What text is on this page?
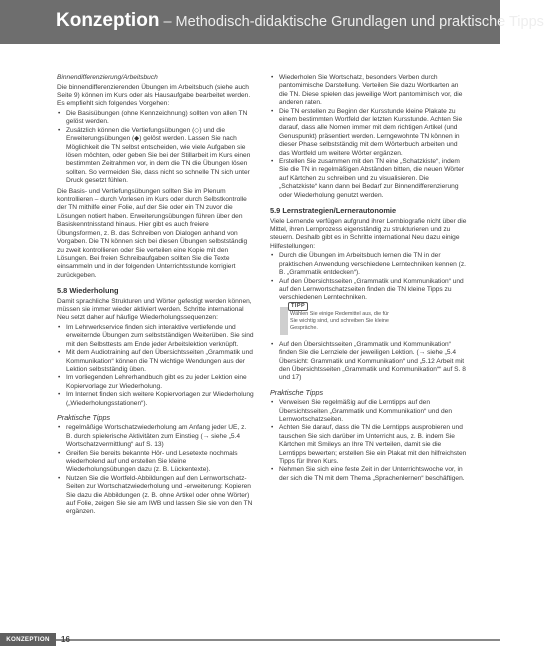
Konzeption – Methodisch-didaktische Grundlagen und praktische Tipps
Binnendifferenzierung/Arbeitsbuch
Die binnendifferenzierenden Übungen im Arbeitsbuch (siehe auch Seite 9) können im Kurs oder als Hausaufgabe bearbeitet werden. Es empfiehlt sich folgendes Vorgehen:
• Die Basisübungen (ohne Kennzeichnung) sollten von allen TN gelöst werden.
• Zusätzlich können die Vertiefungsübungen (◇) und die Erweiterungsübungen (◆) gelöst werden. Lassen Sie nach Möglichkeit die TN selbst entscheiden, wie viele Aufgaben sie lösen möchten, oder geben Sie bei der Stillarbeit im Kurs einen bestimmten Zeitrahmen vor, in dem die TN die Übungen lösen sollten. So vermeiden Sie, dass nicht so schnelle TN sich unter Druck gesetzt fühlen.
Die Basis- und Vertiefungsübungen sollten Sie im Plenum kontrollieren – durch Vorlesen im Kurs oder durch Selbstkontrolle der TN mithilfe einer Folie, auf der Sie oder ein TN zuvor die Lösungen notiert haben. Erweiterungsübungen führen über den Basiskenntnisstand hinaus. Hier gibt es auch freiere Übungsformen, z. B. das Schreiben von Dialogen anhand von Vorgaben. Die TN können sich bei diesen Übungen selbstständig zu zweit kontrollieren oder Sie verteilen eine Kopie mit den Lösungen. Bei freien Schreibaufgaben sollten Sie die Texte einsammeln und in der folgenden Unterrichtsstunde korrigiert zurückgeben.
5.8 Wiederholung
Damit sprachliche Strukturen und Wörter gefestigt werden können, müssen sie immer wieder aktiviert werden. Schritte international Neu setzt daher auf häufige Wiederholungssequenzen:
• Im Lehrwerkservice finden sich interaktive vertiefende und erweiternde Übungen zum selbstständigen Weiterüben. Sie sind mit den Selbsttests am Ende jeder Arbeitslektion verknüpft.
• Mit dem Audiotraining auf den Übersichtsseiten „Grammatik und Kommunikation“ können die TN wichtige Wendungen aus der Lektion selbstständig üben.
• Im vorliegenden Lehrerhandbuch gibt es zu jeder Lektion eine Kopiervorlage zur Wiederholung.
• Im Internet finden sich weitere Kopiervorlagen zur Wiederholung („Wiederholungsstationen“).
Praktische Tipps
• regelmäßige Wortschatzwiederholung am Anfang jeder UE, z. B. durch spielerische Aktivitäten zum Einstieg (→ siehe „5.4 Wortschatzvermittlung“ auf S. 13)
• Greifen Sie bereits bekannte Hör- und Lesetexte nochmals wiederholend auf und erstellen Sie kleine Wiederholungsübungen dazu (z. B. Lückentexte).
• Nutzen Sie die Wortfeld-Abbildungen auf den Lernwortschatz-Seiten zur Wortschatzwiederholung und -erweiterung: Kopieren Sie dazu die Abbildungen (z. B. ohne Artikel oder ohne Wörter) auf Folie, zeigen Sie sie am IWB und lassen Sie sie von den TN ergänzen.
• Wiederholen Sie Wortschatz, besonders Verben durch pantomimische Darstellung. Verteilen Sie dazu Wortkarten an die TN. Diese spielen das jeweilige Wort pantomimisch vor, die anderen raten.
• Die TN erstellen zu Beginn der Kursstunde kleine Plakate zu einem bestimmten Wortfeld der letzten Kursstunde. Achten Sie darauf, dass alle Nomen immer mit dem richtigen Artikel (und Genuspunkt) präsentiert werden. Lerngewohnte TN können in dieser Phase selbstständig mit dem Wörterbuch arbeiten und das Wortfeld um weitere Wörter ergänzen.
• Erstellen Sie zusammen mit den TN eine „Schatzkiste“, indem Sie die TN in regelmäßigen Abständen bitten, die neuen Wörter auf Kärtchen zu schreiben und zu visualisieren. Die „Schatzkiste“ kann dann bei Bedarf zur Binnendifferenzierung oder Wiederholung genutzt werden.
5.9 Lernstrategien/Lernerautonomie
Viele Lernende verfügen aufgrund ihrer Lernbiografie nicht über die Mittel, ihren Lernprozess eigenständig zu strukturieren und zu steuern. Deshalb gibt es in Schritte international Neu dazu einige Hilfestellungen:
• Durch die Übungen im Arbeitsbuch lernen die TN in der praktischen Anwendung verschiedene Lerntechniken kennen (z. B. „Grammatik entdecken“).
• Auf den Übersichtsseiten „Grammatik und Kommunikation“ und auf den Lernwortschatzseiten finden die TN kleine Tipps zu verschiedenen Lerntechniken.
TIPP
Wählen Sie einige Redemittel aus, die für Sie wichtig sind, und schreiben Sie kleine Gespräche.
• Auf den Übersichtsseiten „Grammatik und Kommunikation“ finden Sie die Lernziele der jeweiligen Lektion. (→ siehe „5.4 Übersicht: Grammatik und Kommunikation“ und „5.12 Arbeit mit den Übersichtsseiten „Grammatik und Kommunikation““ auf S. 8 und 17)
Praktische Tipps
• Verweisen Sie regelmäßig auf die Lerntipps auf den Übersichtsseiten „Grammatik und Kommunikation“ und den Lernwortschatzseiten.
• Achten Sie darauf, dass die TN die Lerntipps ausprobieren und tauschen Sie sich darüber im Unterricht aus, z. B. indem Sie Kärtchen mit Smileys an Ihre TN verteilen, damit sie die Lerntipps bewerten; erstellen Sie ein Plakat mit den hilfreichsten Tipps für Ihren Kurs.
• Nehmen Sie sich eine feste Zeit in der Unterrichtswoche vor, in der sich die TN mit dem Thema „Sprachenlernen“ beschäftigen.
KONZEPTION	16
